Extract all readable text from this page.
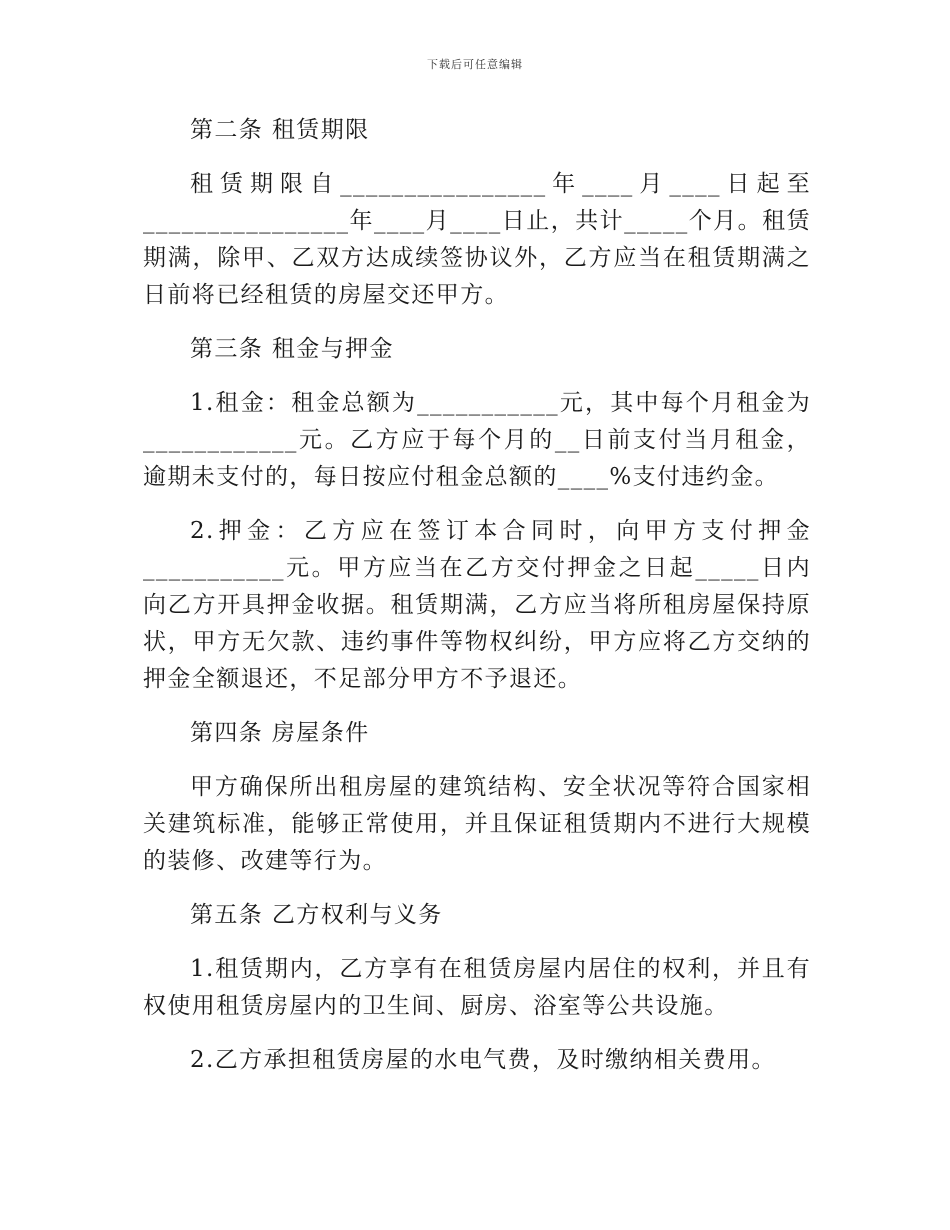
下载后可任意编辑

第二条 租赁期限

租赁期限自________________年____月____日起至________________年____月____日止，共计_____个月。租赁期满，除甲、乙双方达成续签协议外，乙方应当在租赁期满之日前将已经租赁的房屋交还甲方。

第三条 租金与押金

1.租金：租金总额为___________元，其中每个月租金为____________元。乙方应于每个月的__日前支付当月租金，逾期未支付的，每日按应付租金总额的____%支付违约金。

2.押金：乙方应在签订本合同时，向甲方支付押金___________元。甲方应当在乙方交付押金之日起_____日内向乙方开具押金收据。租赁期满，乙方应当将所租房屋保持原状，甲方无欠款、违约事件等物权纠纷，甲方应将乙方交纳的押金全额退还，不足部分甲方不予退还。

第四条 房屋条件

甲方确保所出租房屋的建筑结构、安全状况等符合国家相关建筑标准，能够正常使用，并且保证租赁期内不进行大规模的装修、改建等行为。

第五条 乙方权利与义务

1.租赁期内，乙方享有在租赁房屋内居住的权利，并且有权使用租赁房屋内的卫生间、厨房、浴室等公共设施。

2.乙方承担租赁房屋的水电气费，及时缴纳相关费用。
